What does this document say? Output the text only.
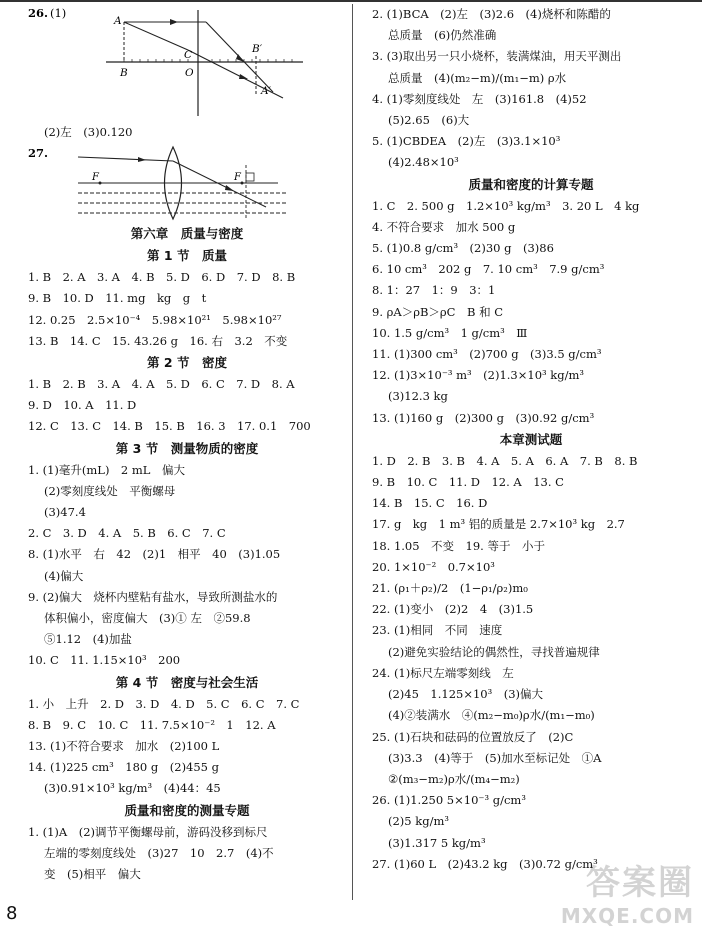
26. (1)
A
B
C
O
B′
A′
(2)左　(3)0.120
27.
F	F
第六章　质量与密度
第 1 节　质量
1. B　2. A　3. A　4. B　5. D　6. D　7. D　8. B
9. B　10. D　11. mg　kg　g　t
12. 0.25　2.5×10⁻⁴　5.98×10²¹　5.98×10²⁷
13. B　14. C　15. 43.26 g　16. 右　3.2　不变
第 2 节　密度
1. B　2. B　3. A　4. A　5. D　6. C　7. D　8. A
9. D　10. A　11. D
12. C　13. C　14. B　15. B　16. 3　17. 0.1　700
第 3 节　测量物质的密度
1. (1)毫升(mL)　2 mL　偏大
(2)零刻度线处　平衡螺母
(3)47.4
2. C　3. D　4. A　5. B　6. C　7. C
8. (1)水平　右　42　(2)1　相平　40　(3)1.05
(4)偏大
9. (2)偏大　烧杯内壁粘有盐水，导致所测盐水的
体积偏小，密度偏大　(3)① 左　②59.8
⑤1.12　(4)加盐
10. C　11. 1.15×10³　200
第 4 节　密度与社会生活
1. 小　上升　2. D　3. D　4. D　5. C　6. C　7. C
8. B　9. C　10. C　11. 7.5×10⁻²　1　12. A
13. (1)不符合要求　加水　(2)100 L
14. (1)225 cm³　180 g　(2)455 g
(3)0.91×10³ kg/m³　(4)44：45
质量和密度的测量专题
1. (1)A　(2)调节平衡螺母前，游码没移到标尺
左端的零刻度线处　(3)27　10　2.7　(4)不
变　(5)相平　偏大
2. (1)BCA　(2)左　(3)2.6　(4)烧杯和陈醋的
总质量　(6)仍然准确
3. (3)取出另一只小烧杯，装满煤油，用天平测出
总质量　(4)(m₂−m)/(m₁−m) ρ水
4. (1)零刻度线处　左　(3)161.8　(4)52
(5)2.65　(6)大
5. (1)CBDEA　(2)左　(3)3.1×10³
(4)2.48×10³
质量和密度的计算专题
1. C　2. 500 g　1.2×10³ kg/m³　3. 20 L　4 kg
4. 不符合要求　加水 500 g
5. (1)0.8 g/cm³　(2)30 g　(3)86
6. 10 cm³　202 g　7. 10 cm³　7.9 g/cm³
8. 1：27　1：9　3：1
9. ρA＞ρB＞ρC　B 和 C
10. 1.5 g/cm³　1 g/cm³　Ⅲ
11. (1)300 cm³　(2)700 g　(3)3.5 g/cm³
12. (1)3×10⁻³ m³　(2)1.3×10³ kg/m³
(3)12.3 kg
13. (1)160 g　(2)300 g　(3)0.92 g/cm³
本章测试题
1. D　2. B　3. B　4. A　5. A　6. A　7. B　8. B
9. B　10. C　11. D　12. A　13. C
14. B　15. C　16. D
17. g　kg　1 m³ 铝的质量是 2.7×10³ kg　2.7
18. 1.05　不变　19. 等于　小于
20. 1×10⁻²　0.7×10³
21. (ρ₁＋ρ₂)/2　(1−ρ₁/ρ₂)m₀
22. (1)变小　(2)2　4　(3)1.5
23. (1)相同　不同　速度
(2)避免实验结论的偶然性，寻找普遍规律
24. (1)标尺左端零刻线　左
(2)45　1.125×10³　(3)偏大
(4)②装满水　④(m₂−m₀)ρ水/(m₁−m₀)
25. (1)石块和砝码的位置放反了　(2)C
(3)3.3　(4)等于　(5)加水至标记处　①A
②(m₃−m₂)ρ水/(m₄−m₂)
26. (1)1.250 5×10⁻³ g/cm³
(2)5 kg/m³
(3)1.317 5 kg/m³
27. (1)60 L　(2)43.2 kg　(3)0.72 g/cm³
8
答案圈
MXQE.COM
